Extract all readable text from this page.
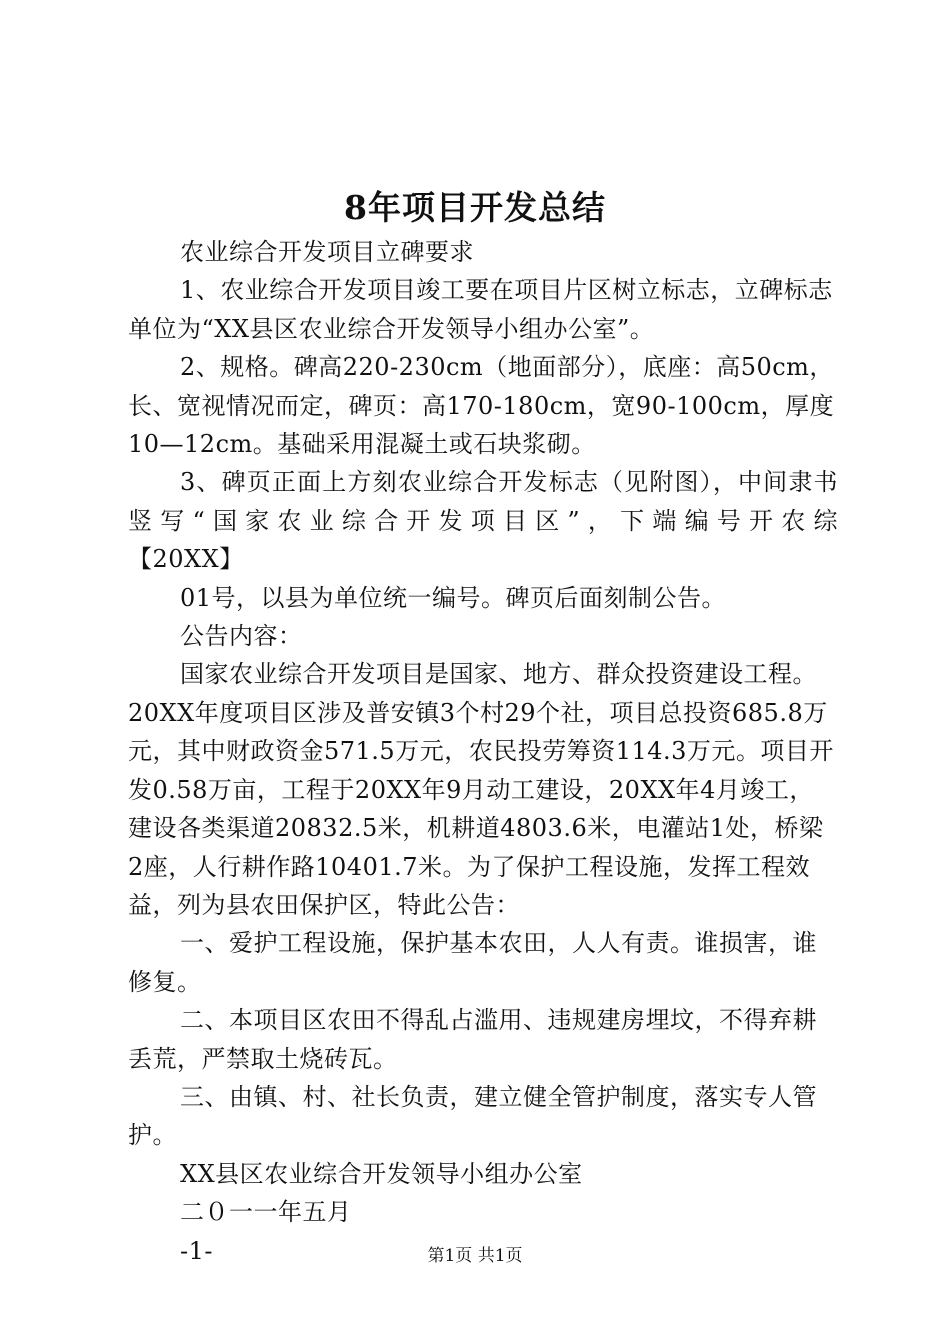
8年项目开发总结

农业综合开发项目立碑要求

1、农业综合开发项目竣工要在项目片区树立标志，立碑标志单位为“XX县区农业综合开发领导小组办公室”。

2、规格。碑高220-230cm（地面部分），底座：高50cm，长、宽视情况而定，碑页：高170-180cm，宽90-100cm，厚度10—12cm。基础采用混凝土或石块浆砌。

3、碑页正面上方刻农业综合开发标志（见附图），中间隶书竖写“国家农业综合开发项目区”，下端编号开农综

【20XX】

01号，以县为单位统一编号。碑页后面刻制公告。

公告内容：

国家农业综合开发项目是国家、地方、群众投资建设工程。20XX年度项目区涉及普安镇3个村29个社，项目总投资685.8万元，其中财政资金571.5万元，农民投劳筹资114.3万元。项目开发0.58万亩，工程于20XX年9月动工建设，20XX年4月竣工，建设各类渠道20832.5米，机耕道4803.6米，电灌站1处，桥梁2座，人行耕作路10401.7米。为了保护工程设施，发挥工程效益，列为县农田保护区，特此公告：

一、爱护工程设施，保护基本农田，人人有责。谁损害，谁修复。

二、本项目区农田不得乱占滥用、违规建房埋坟，不得弃耕丢荒，严禁取土烧砖瓦。

三、由镇、村、社长负责，建立健全管护制度，落实专人管护。

XX县区农业综合开发领导小组办公室

二０一一年五月

-1-	第1页 共1页
